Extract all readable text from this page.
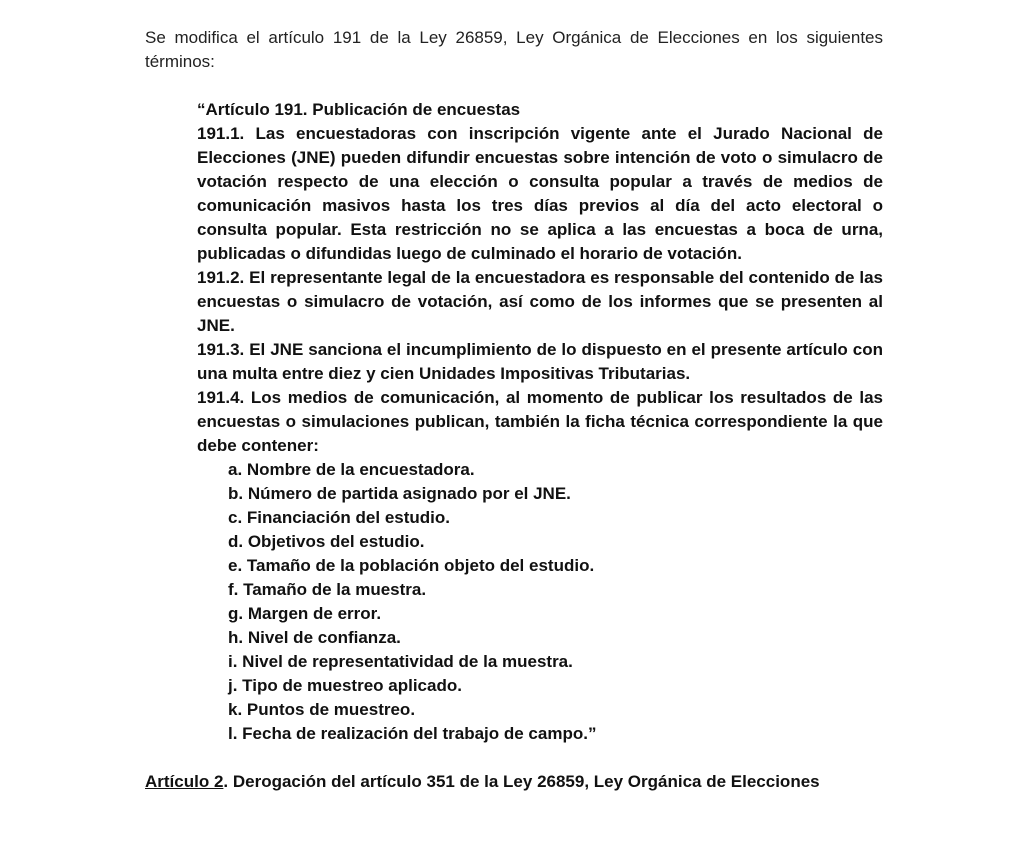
Se modifica el artículo 191 de la Ley 26859, Ley Orgánica de Elecciones en los siguientes términos:

“Artículo 191. Publicación de encuestas

191.1. Las encuestadoras con inscripción vigente ante el Jurado Nacional de Elecciones (JNE) pueden difundir encuestas sobre intención de voto o simulacro de votación respecto de una elección o consulta popular a través de medios de comunicación masivos hasta los tres días previos al día del acto electoral o consulta popular. Esta restricción no se aplica a las encuestas a boca de urna, publicadas o difundidas luego de culminado el horario de votación.

191.2. El representante legal de la encuestadora es responsable del contenido de las encuestas o simulacro de votación, así como de los informes que se presenten al JNE.

191.3. El JNE sanciona el incumplimiento de lo dispuesto en el presente artículo con una multa entre diez y cien Unidades Impositivas Tributarias.

191.4. Los medios de comunicación, al momento de publicar los resultados de las encuestas o simulaciones publican, también la ficha técnica correspondiente la que debe contener:

a. Nombre de la encuestadora.

b. Número de partida asignado por el JNE.

c. Financiación del estudio.

d. Objetivos del estudio.

e. Tamaño de la población objeto del estudio.

f. Tamaño de la muestra.

g. Margen de error.

h. Nivel de confianza.

i. Nivel de representatividad de la muestra.

j. Tipo de muestreo aplicado.

k. Puntos de muestreo.

l. Fecha de realización del trabajo de campo.”

Artículo 2. Derogación del artículo 351 de la Ley 26859, Ley Orgánica de Elecciones
